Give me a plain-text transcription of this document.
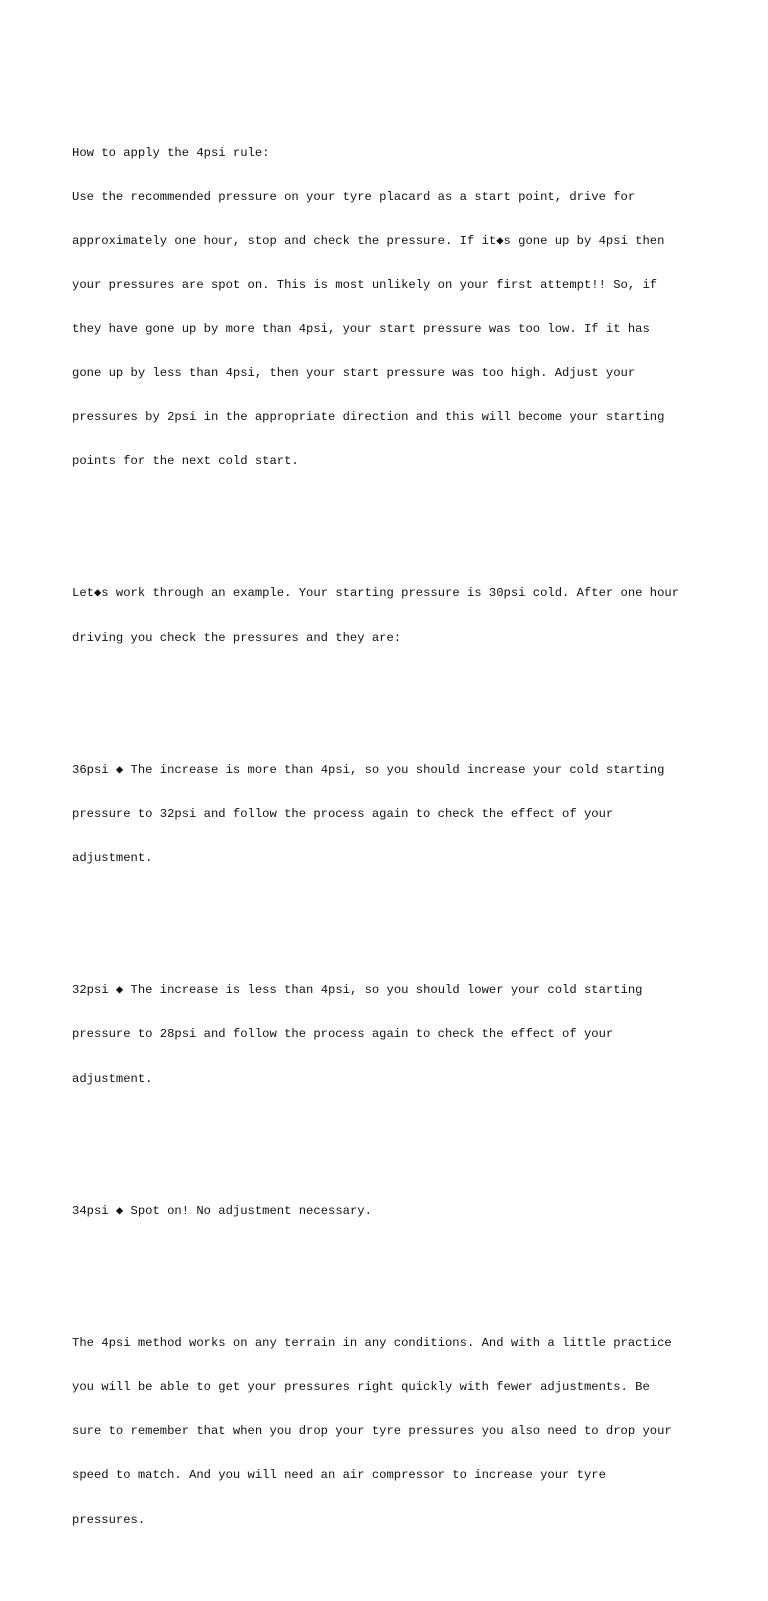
How to apply the 4psi rule:

Use the recommended pressure on your tyre placard as a start point, drive for

approximately one hour, stop and check the pressure. If it◆s gone up by 4psi then

your pressures are spot on. This is most unlikely on your first attempt!! So, if

they have gone up by more than 4psi, your start pressure was too low. If it has

gone up by less than 4psi, then your start pressure was too high. Adjust your

pressures by 2psi in the appropriate direction and this will become your starting

points for the next cold start.

Let◆s work through an example. Your starting pressure is 30psi cold. After one hour

driving you check the pressures and they are:

36psi ◆ The increase is more than 4psi, so you should increase your cold starting

pressure to 32psi and follow the process again to check the effect of your

adjustment.

32psi ◆ The increase is less than 4psi, so you should lower your cold starting

pressure to 28psi and follow the process again to check the effect of your

adjustment.

34psi ◆ Spot on! No adjustment necessary.

The 4psi method works on any terrain in any conditions. And with a little practice

you will be able to get your pressures right quickly with fewer adjustments. Be

sure to remember that when you drop your tyre pressures you also need to drop your

speed to match. And you will need an air compressor to increase your tyre

pressures.
